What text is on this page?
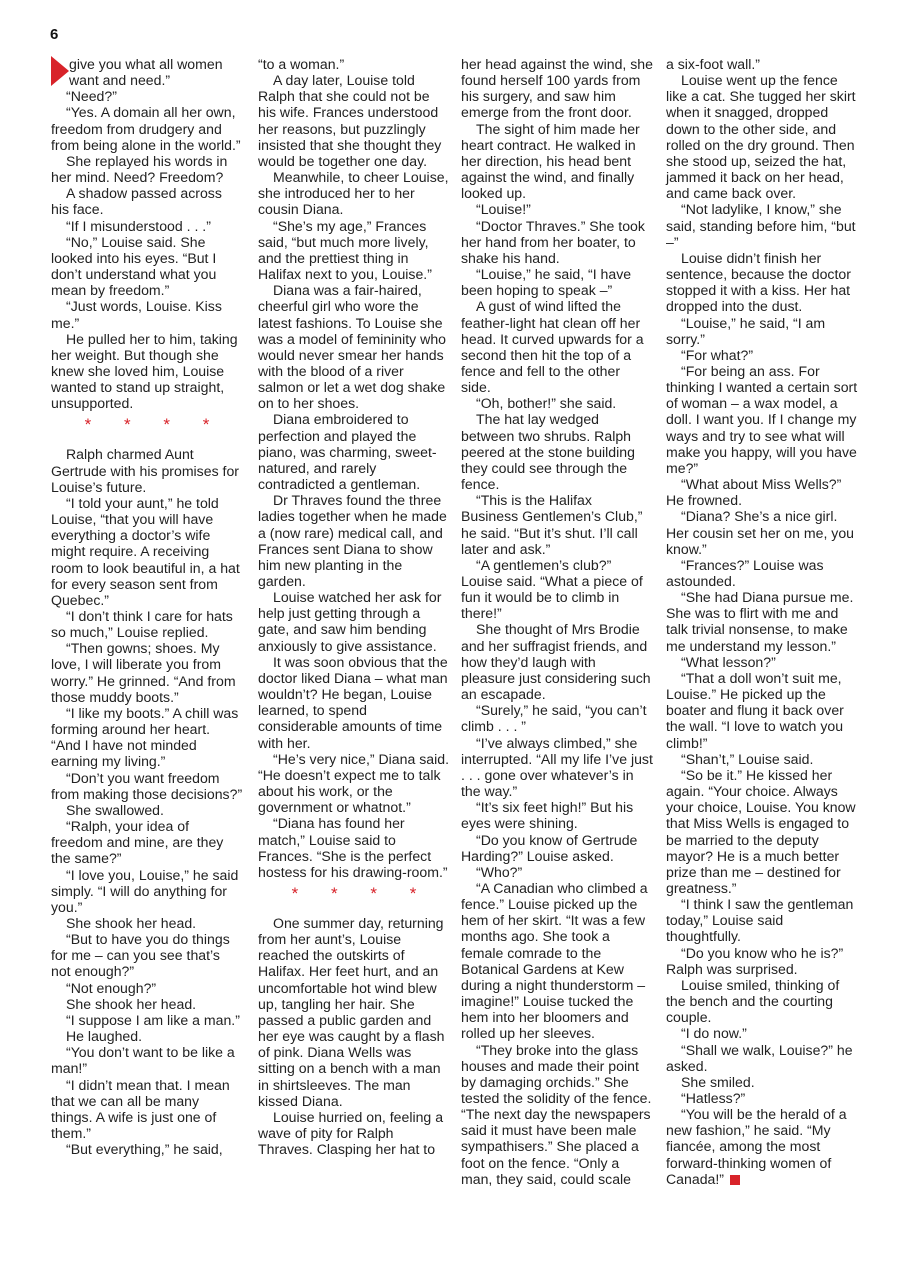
6

give you what all women want and need.”

“Need?”

“Yes. A domain all her own, freedom from drudgery and from being alone in the world.”

She replayed his words in her mind. Need? Freedom?

A shadow passed across his face.

“If I misunderstood . . .”

“No,” Louise said. She looked into his eyes. “But I don’t understand what you mean by freedom.”

“Just words, Louise. Kiss me.”

He pulled her to him, taking her weight. But though she knew she loved him, Louise wanted to stand up straight, unsupported.

* * * *

Ralph charmed Aunt Gertrude with his promises for Louise’s future.

“I told your aunt,” he told Louise, “that you will have everything a doctor’s wife might require. A receiving room to look beautiful in, a hat for every season sent from Quebec.”

“I don’t think I care for hats so much,” Louise replied.

“Then gowns; shoes. My love, I will liberate you from worry.” He grinned. “And from those muddy boots.”

“I like my boots.” A chill was forming around her heart. “And I have not minded earning my living.”

“Don’t you want freedom from making those decisions?”

She swallowed.

“Ralph, your idea of freedom and mine, are they the same?”

“I love you, Louise,” he said simply. “I will do anything for you.”

She shook her head.

“But to have you do things for me – can you see that’s not enough?”

“Not enough?”

She shook her head.

“I suppose I am like a man.”

He laughed.

“You don’t want to be like a man!”

“I didn’t mean that. I mean that we can all be many things. A wife is just one of them.”

“But everything,” he said,

“to a woman.”

A day later, Louise told Ralph that she could not be his wife. Frances understood her reasons, but puzzlingly insisted that she thought they would be together one day.

Meanwhile, to cheer Louise, she introduced her to her cousin Diana.

“She’s my age,” Frances said, “but much more lively, and the prettiest thing in Halifax next to you, Louise.”

Diana was a fair-haired, cheerful girl who wore the latest fashions. To Louise she was a model of femininity who would never smear her hands with the blood of a river salmon or let a wet dog shake on to her shoes.

Diana embroidered to perfection and played the piano, was charming, sweet-natured, and rarely contradicted a gentleman.

Dr Thraves found the three ladies together when he made a (now rare) medical call, and Frances sent Diana to show him new planting in the garden.

Louise watched her ask for help just getting through a gate, and saw him bending anxiously to give assistance.

It was soon obvious that the doctor liked Diana – what man wouldn’t? He began, Louise learned, to spend considerable amounts of time with her.

“He’s very nice,” Diana said. “He doesn’t expect me to talk about his work, or the government or whatnot.”

“Diana has found her match,” Louise said to Frances. “She is the perfect hostess for his drawing-room.”

* * * *

One summer day, returning from her aunt’s, Louise reached the outskirts of Halifax. Her feet hurt, and an uncomfortable hot wind blew up, tangling her hair. She passed a public garden and her eye was caught by a flash of pink. Diana Wells was sitting on a bench with a man in shirtsleeves. The man kissed Diana.

Louise hurried on, feeling a wave of pity for Ralph Thraves. Clasping her hat to

her head against the wind, she found herself 100 yards from his surgery, and saw him emerge from the front door.

The sight of him made her heart contract. He walked in her direction, his head bent against the wind, and finally looked up.

“Louise!”

“Doctor Thraves.” She took her hand from her boater, to shake his hand.

“Louise,” he said, “I have been hoping to speak –”

A gust of wind lifted the feather-light hat clean off her head. It curved upwards for a second then hit the top of a fence and fell to the other side.

“Oh, bother!” she said.

The hat lay wedged between two shrubs. Ralph peered at the stone building they could see through the fence.

“This is the Halifax Business Gentlemen’s Club,” he said. “But it’s shut. I’ll call later and ask.”

“A gentlemen’s club?” Louise said. “What a piece of fun it would be to climb in there!”

She thought of Mrs Brodie and her suffragist friends, and how they’d laugh with pleasure just considering such an escapade.

“Surely,” he said, “you can’t climb . . . ”

“I’ve always climbed,” she interrupted. “All my life I’ve just . . . gone over whatever’s in the way.”

“It’s six feet high!” But his eyes were shining.

“Do you know of Gertrude Harding?” Louise asked.

“Who?”

“A Canadian who climbed a fence.” Louise picked up the hem of her skirt. “It was a few months ago. She took a female comrade to the Botanical Gardens at Kew during a night thunderstorm – imagine!” Louise tucked the hem into her bloomers and rolled up her sleeves.

“They broke into the glass houses and made their point by damaging orchids.” She tested the solidity of the fence. “The next day the newspapers said it must have been male sympathisers.” She placed a foot on the fence. “Only a man, they said, could scale

a six-foot wall.”

Louise went up the fence like a cat. She tugged her skirt when it snagged, dropped down to the other side, and rolled on the dry ground. Then she stood up, seized the hat, jammed it back on her head, and came back over.

“Not ladylike, I know,” she said, standing before him, “but –”

Louise didn’t finish her sentence, because the doctor stopped it with a kiss. Her hat dropped into the dust.

“Louise,” he said, “I am sorry.”

“For what?”

“For being an ass. For thinking I wanted a certain sort of woman – a wax model, a doll. I want you. If I change my ways and try to see what will make you happy, will you have me?”

“What about Miss Wells?” He frowned.

“Diana? She’s a nice girl. Her cousin set her on me, you know.”

“Frances?” Louise was astounded.

“She had Diana pursue me. She was to flirt with me and talk trivial nonsense, to make me understand my lesson.”

“What lesson?”

“That a doll won’t suit me, Louise.” He picked up the boater and flung it back over the wall. “I love to watch you climb!”

“Shan’t,” Louise said.

“So be it.” He kissed her again. “Your choice. Always your choice, Louise. You know that Miss Wells is engaged to be married to the deputy mayor? He is a much better prize than me – destined for greatness.”

“I think I saw the gentleman today,” Louise said thoughtfully.

“Do you know who he is?” Ralph was surprised.

Louise smiled, thinking of the bench and the courting couple.

“I do now.”

“Shall we walk, Louise?” he asked.

She smiled.

“Hatless?”

“You will be the herald of a new fashion,” he said. “My fiancée, among the most forward-thinking women of Canada!”
